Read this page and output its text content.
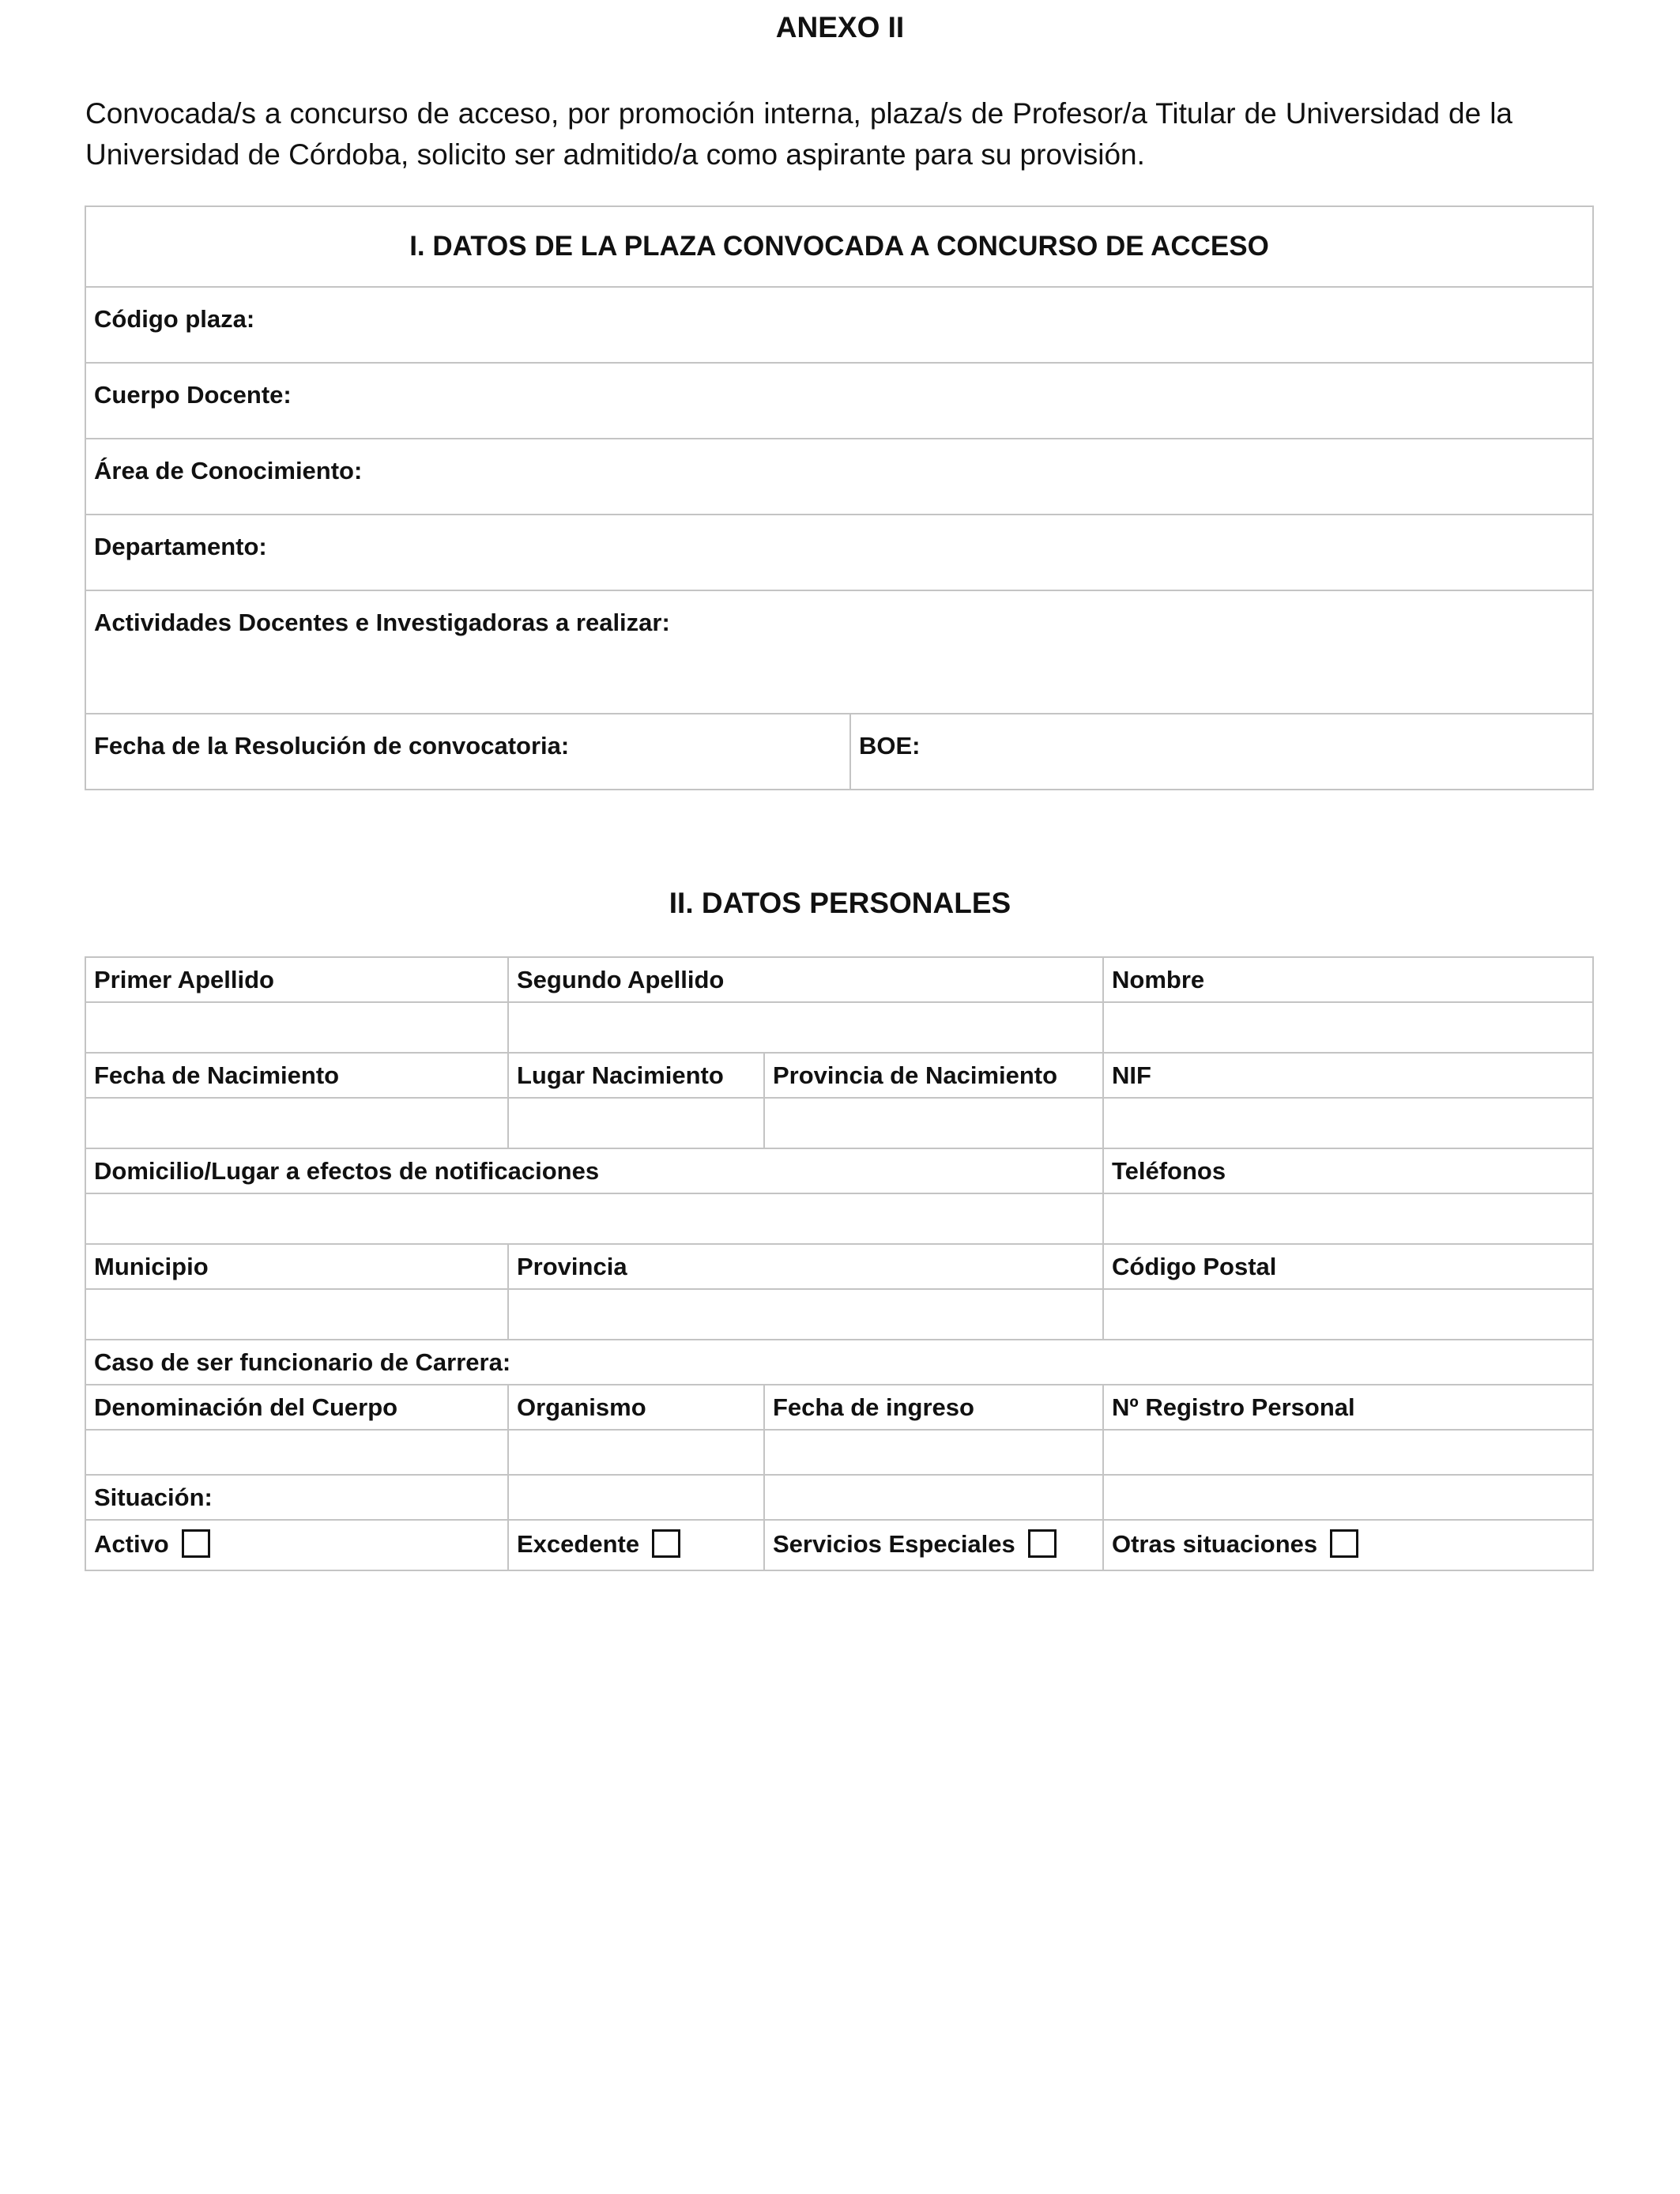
ANEXO II
Convocada/s a concurso de acceso, por promoción interna, plaza/s de Profesor/a Titular de Universidad de la Universidad de Córdoba, solicito ser admitido/a como aspirante para su provisión.
I. DATOS DE LA PLAZA CONVOCADA A CONCURSO DE ACCESO
Código plaza:
Cuerpo Docente:
Área de Conocimiento:
Departamento:
Actividades Docentes e Investigadoras a realizar:
Fecha de la Resolución de convocatoria:	BOE:
II. DATOS PERSONALES
Primer Apellido	Segundo Apellido		Nombre

Fecha de Nacimiento	Lugar Nacimiento	Provincia de Nacimiento	NIF

Domicilio/Lugar a efectos de notificaciones			Teléfonos

Municipio	Provincia		Código Postal

Caso de ser funcionario de Carrera:			
Denominación del Cuerpo	Organismo	Fecha de ingreso	Nº Registro Personal

Situación:			
Activo	Excedente	Servicios Especiales	Otras situaciones
